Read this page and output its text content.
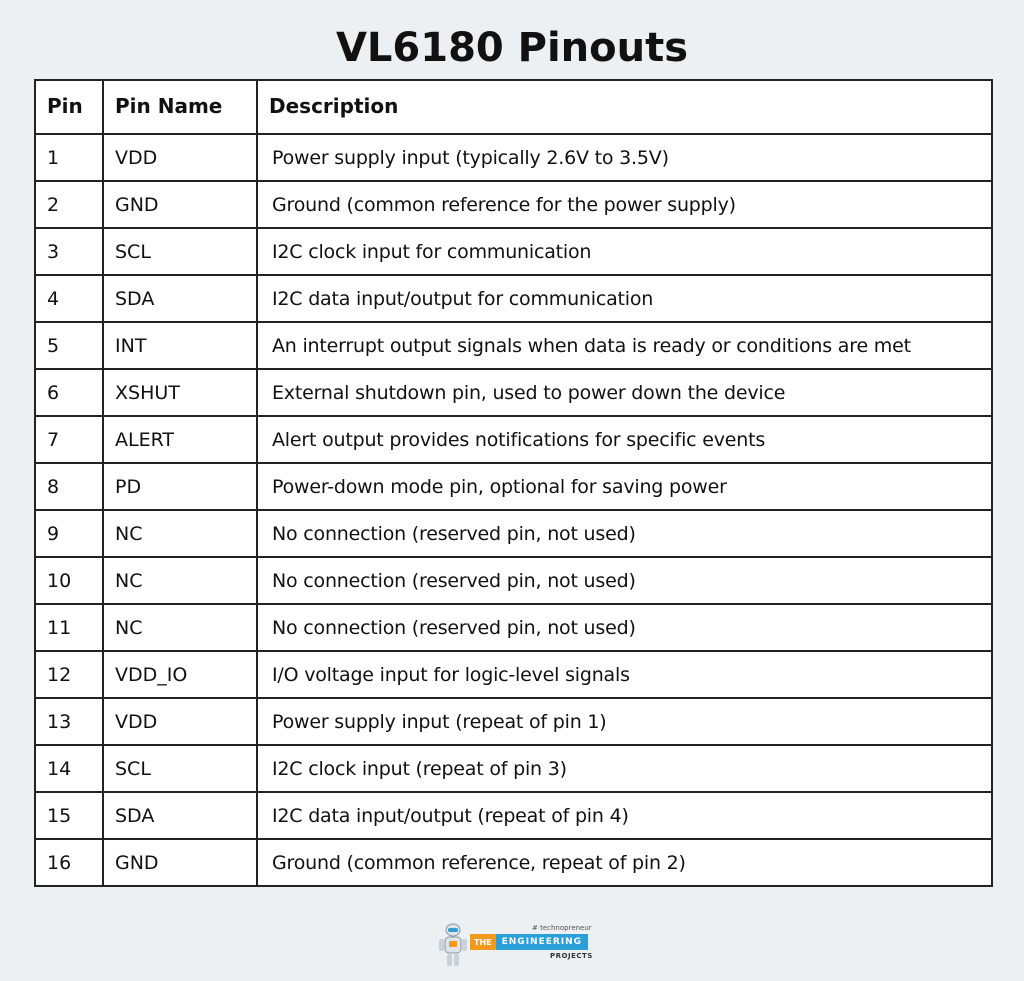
VL6180 Pinouts
Pin	Pin Name	Description
1	VDD	Power supply input (typically 2.6V to 3.5V)
2	GND	Ground (common reference for the power supply)
3	SCL	I2C clock input for communication
4	SDA	I2C data input/output for communication
5	INT	An interrupt output signals when data is ready or conditions are met
6	XSHUT	External shutdown pin, used to power down the device
7	ALERT	Alert output provides notifications for specific events
8	PD	Power-down mode pin, optional for saving power
9	NC	No connection (reserved pin, not used)
10	NC	No connection (reserved pin, not used)
11	NC	No connection (reserved pin, not used)
12	VDD_IO	I/O voltage input for logic-level signals
13	VDD	Power supply input (repeat of pin 1)
14	SCL	I2C clock input (repeat of pin 3)
15	SDA	I2C data input/output (repeat of pin 4)
16	GND	Ground (common reference, repeat of pin 2)
# technopreneur
THE	ENGINEERING
PROJECTS
